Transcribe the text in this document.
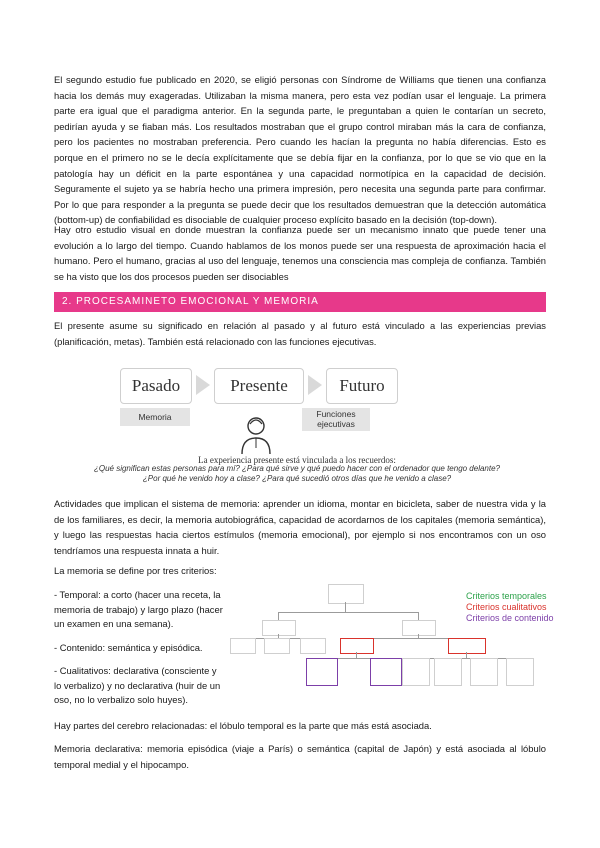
El segundo estudio fue publicado en 2020, se eligió personas con Síndrome de Williams que tienen una confianza hacia los demás muy exageradas. Utilizaban la misma manera, pero esta vez podían usar el lenguaje. La primera parte era igual que el paradigma anterior. En la segunda parte, le preguntaban a quien le contarían un secreto, pedirían ayuda y se fiaban más. Los resultados mostraban que el grupo control miraban más la cara de confianza, pero los pacientes no mostraban preferencia. Pero cuando les hacían la pregunta no había diferencias. Esto es porque en el primero no se le decía explícitamente que se debía fijar en la confianza, por lo que se vio que en la patología hay un déficit en la parte espontánea y una capacidad normotípica en la capacidad de decisión. Seguramente el sujeto ya se habría hecho una primera impresión, pero necesita una segunda parte para confirmar. Por lo que para responder a la pregunta se puede decir que los resultados demuestran que la detección automática (bottom-up) de confiabilidad es disociable de cualquier proceso explícito basado en la decisión (top-down).
Hay otro estudio visual en donde muestran la confianza puede ser un mecanismo innato que puede tener una evolución a lo largo del tiempo. Cuando hablamos de los monos puede ser una respuesta de aproximación hacia el humano. Pero el humano, gracias al uso del lenguaje, tenemos una consciencia mas compleja de confianza. También se ha visto que los dos procesos pueden ser disociables
2. PROCESAMINETO EMOCIONAL Y MEMORIA
El presente asume su significado en relación al pasado y al futuro está vinculado a las experiencias previas (planificación, metas). También está relacionado con las funciones ejecutivas.
Pasado	Presente	Futuro
Memoria	Funciones ejecutivas
La experiencia presente está vinculada a los recuerdos:
¿Qué significan estas personas para mí? ¿Para qué sirve y qué puedo hacer con el ordenador que tengo delante?
¿Por qué he venido hoy a clase? ¿Para qué sucedió otros días que he venido a clase?
Actividades que implican el sistema de memoria: aprender un idioma, montar en bicicleta, saber de nuestra vida y la de los familiares, es decir, la memoria autobiográfica, capacidad de acordarnos de los capitales (memoria semántica), y luego las respuestas hacia ciertos estímulos (memoria emocional), por ejemplo si nos encontramos con un oso tendríamos una respuesta innata a huir.
La memoria se define por tres criterios:
- Temporal: a corto (hacer una receta, la memoria de trabajo) y largo plazo (hacer un examen en una semana).
- Contenido: semántica y episódica.
- Cualitativos: declarativa (consciente y lo verbalizo) y no declarativa (huir de un oso, no lo verbalizo solo huyes).
Criterios temporales
Criterios cualitativos
Criterios de contenido
Hay partes del cerebro relacionadas: el lóbulo temporal es la parte que más está asociada.
Memoria declarativa: memoria episódica (viaje a París) o semántica (capital de Japón) y está asociada al lóbulo temporal medial y el hipocampo.
